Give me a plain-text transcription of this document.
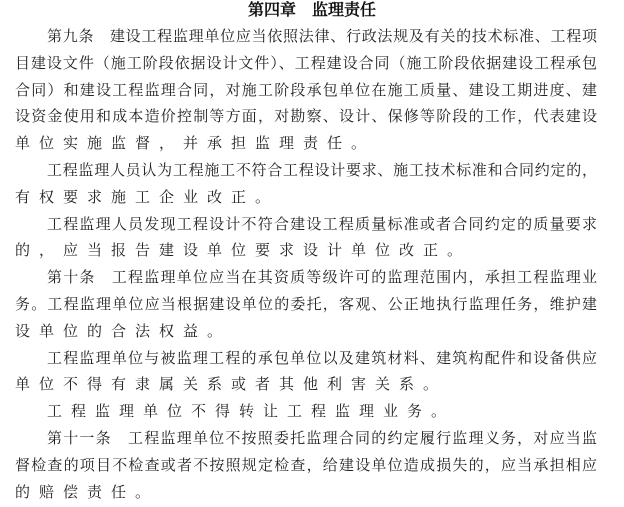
第四章　监理责任
第九条　建设工程监理单位应当依照法律、行政法规及有关的技术标准、工程项
目建设文件（施工阶段依据设计文件）、工程建设合同（施工阶段依据建设工程承包
合同）和建设工程监理合同，对施工阶段承包单位在施工质量、建设工期进度、建
设资金使用和成本造价控制等方面，对勘察、设计、保修等阶段的工作，代表建设
单位实施监督，并承担监理责任。
工程监理人员认为工程施工不符合工程设计要求、施工技术标准和合同约定的，
有权要求施工企业改正。
工程监理人员发现工程设计不符合建设工程质量标准或者合同约定的质量要求
的，应当报告建设单位要求设计单位改正。
第十条　工程监理单位应当在其资质等级许可的监理范围内，承担工程监理业
务。工程监理单位应当根据建设单位的委托，客观、公正地执行监理任务，维护建
设单位的合法权益。
工程监理单位与被监理工程的承包单位以及建筑材料、建筑构配件和设备供应
单位不得有隶属关系或者其他利害关系。
工程监理单位不得转让工程监理业务。
第十一条　工程监理单位不按照委托监理合同的约定履行监理义务，对应当监
督检查的项目不检查或者不按照规定检查，给建设单位造成损失的，应当承担相应
的赔偿责任。
